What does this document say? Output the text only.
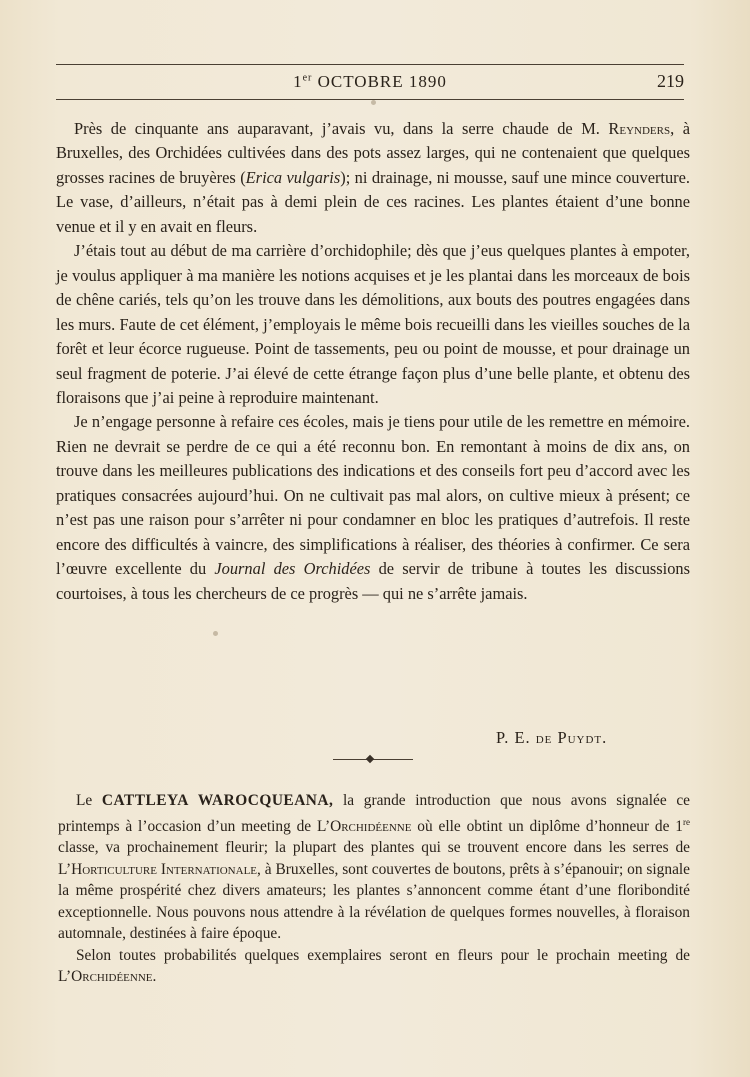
1er OCTOBRE 1890	219

Près de cinquante ans auparavant, j’avais vu, dans la serre chaude de M. Reynders, à Bruxelles, des Orchidées cultivées dans des pots assez larges, qui ne contenaient que quelques grosses racines de bruyères (Erica vulgaris); ni drainage, ni mousse, sauf une mince couverture. Le vase, d’ailleurs, n’était pas à demi plein de ces racines. Les plantes étaient d’une bonne venue et il y en avait en fleurs.

J’étais tout au début de ma carrière d’orchidophile; dès que j’eus quelques plantes à empoter, je voulus appliquer à ma manière les notions acquises et je les plantai dans les morceaux de bois de chêne cariés, tels qu’on les trouve dans les démolitions, aux bouts des poutres engagées dans les murs. Faute de cet élément, j’employais le même bois recueilli dans les vieilles souches de la forêt et leur écorce rugueuse. Point de tassements, peu ou point de mousse, et pour drainage un seul fragment de poterie. J’ai élevé de cette étrange façon plus d’une belle plante, et obtenu des floraisons que j’ai peine à reproduire maintenant.

Je n’engage personne à refaire ces écoles, mais je tiens pour utile de les remettre en mémoire. Rien ne devrait se perdre de ce qui a été reconnu bon. En remontant à moins de dix ans, on trouve dans les meilleures publications des indications et des conseils fort peu d’accord avec les pratiques consacrées aujourd’hui. On ne cultivait pas mal alors, on cultive mieux à présent; ce n’est pas une raison pour s’arrêter ni pour condamner en bloc les pratiques d’autrefois. Il reste encore des difficultés à vaincre, des simplifications à réaliser, des théories à confirmer. Ce sera l’œuvre excellente du Journal des Orchidées de servir de tribune à toutes les discussions courtoises, à tous les chercheurs de ce progrès — qui ne s’arrête jamais.

P. E. de Puydt.

Le CATTLEYA WAROCQUEANA, la grande introduction que nous avons signalée ce printemps à l’occasion d’un meeting de L’Orchidéenne où elle obtint un diplôme d’honneur de 1re classe, va prochainement fleurir; la plupart des plantes qui se trouvent encore dans les serres de L’Horticulture Internationale, à Bruxelles, sont couvertes de boutons, prêts à s’épanouir; on signale la même prospérité chez divers amateurs; les plantes s’annoncent comme étant d’une floribondité exceptionnelle. Nous pouvons nous attendre à la révélation de quelques formes nouvelles, à floraison automnale, destinées à faire époque.

Selon toutes probabilités quelques exemplaires seront en fleurs pour le prochain meeting de L’Orchidéenne.
